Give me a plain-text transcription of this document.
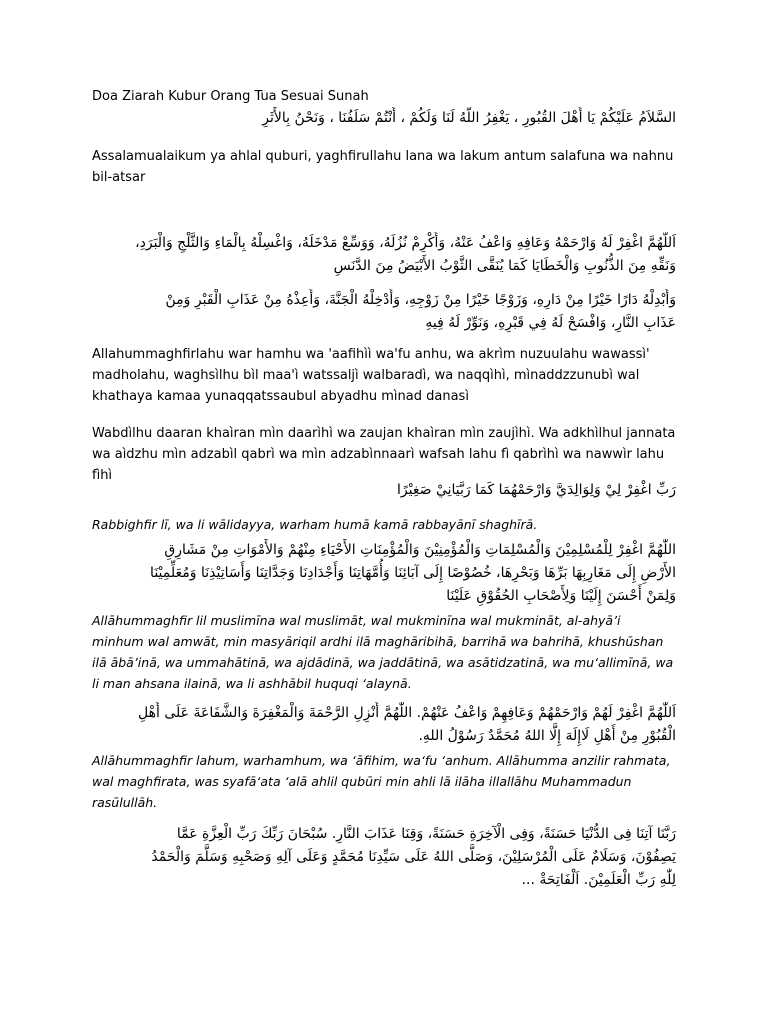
Doa Ziarah Kubur Orang Tua Sesuai Sunah
السَّلاَمُ عَلَيْكُمْ يَا أَهْلَ القُبُورِ ، يَغْفِرُ اللَّهُ لَنَا وَلَكُمْ ، أَنْتُمْ سَلَفُنَا ، وَنَحْنُ بِالأَثَرِ

Assalamualaikum ya ahlal quburi, yaghfirullahu lana wa lakum antum salafuna wa nahnu bil-atsar

اَللَّهُمَّ اغْفِرْ لَهُ وَارْحَمْهُ وَعَافِهِ وَاعْفُ عَنْهُ، وَأَكْرِمْ نُزُلَهُ، وَوَسِّعْ مَدْخَلَهُ، وَاغْسِلْهُ بِالْمَاءِ وَالثَّلْجِ وَالْبَرَدِ،
وَنَقِّهِ مِنَ الذُّنُوبِ وَالْخَطَايَا كَمَا يُنَقَّى الثَّوْبُ الأَبْيَضُ مِنَ الدَّنَسِ
وَأَبْدِلْهُ دَارًا خَيْرًا مِنْ دَارِهِ، وَزَوْجًا خَيْرًا مِنْ زَوْجِهِ، وَأَدْخِلْهُ الْجَنَّةَ، وَأَعِذْهُ مِنْ عَذَابِ الْقَبْرِ وَمِنْ
عَذَابِ النَّارِ، وَافْسَحْ لَهُ فِي قَبْرِهِ، وَنَوِّرْ لَهُ فِيهِ

Allahummaghfirlahu war hamhu wa 'aafihìì wa'fu anhu, wa akrìm nuzuulahu wawassì' madholahu, waghsìlhu bìl maa'ì watssaljì walbaradì, wa naqqìhì, mìnaddzzunubì wal khathaya kamaa yunaqqatssaubul abyadhu mìnad danasì

Wabdìlhu daaran khaìran mìn daarìhì wa zaujan khaìran mìn zaujìhì. Wa adkhìlhul jannata wa aìdzhu mìn adzabìl qabrì wa mìn adzabìnnaarì wafsah lahu fì qabrìhì wa nawwìr lahu fìhì

رَبِّ اغْفِرْ لِيْ وَلِوَالِدَيَّ وَارْحَمْهُمَا كَمَا رَبَّيَانِيْ صَغِيْرًا

Rabbighfir lī, wa li wālidayya, warham humā kamā rabbayānī shaghīrā.

اللّٰهُمَّ اغْفِرْ لِلْمُسْلِمِيْنَ وَالْمُسْلِمَاتِ وَالْمُؤْمِنِيْنَ وَالْمُؤْمِنَاتِ الأَحْيَاءِ مِنْهُمْ وَالأَمْوَاتِ مِنْ مَشَارِقِ
الأَرْضِ إِلَى مَغَارِبِهَا بَرِّهَا وَبَحْرِهَا، خُصُوْصًا إِلَى آبَائِنَا وَأُمَّهَاتِنَا وَأَجْدَادِنَا وَجَدَّاتِنَا وَأَسَاتِيْذِنَا وَمُعَلِّمِيْنَا
وَلِمَنْ أَحْسَنَ إِلَيْنَا وَلِأَصْحَابِ الحُقُوْقِ عَلَيْنَا

Allāhummaghfir lil muslimīna wal muslimāt, wal mukminīna wal mukmināt, al-ahyā’i minhum wal amwāt, min masyāriqil ardhi ilā maghāribihā, barrihā wa bahrihā, khushūshan ilā ābā’inā, wa ummahātinā, wa ajdādinā, wa jaddātinā, wa asātidzatinā, wa mu‘allimīnā, wa li man ahsana ilainā, wa li ashhābil huquqi ‘alaynā.

اَللّٰهُمَّ اغْفِرْ لَهُمْ وَارْحَمْهُمْ وَعَافِهِمْ وَاعْفُ عَنْهُمْ. اللّٰهُمَّ أَنْزِلِ الرَّحْمَةَ وَالْمَغْفِرَةَ وَالشَّفَاعَةَ عَلَى أَهْلِ
الْقُبُوْرِ مِنْ أَهْلِ لَاإِلَهَ إِلَّا اللهُ مُحَمَّدٌ رَسُوْلُ اللهِ.

Allāhummaghfir lahum, warhamhum, wa ‘āfihim, wa‘fu ‘anhum. Allāhumma anzilir rahmata, wal maghfirata, was syafā‘ata ‘alā ahlil qubūri min ahli lā ilāha illallāhu Muhammadun rasūlullāh.

رَبَّنَا آتِنَا فِى الدُّنْيَا حَسَنَةً، وَفِى الْآخِرَةِ حَسَنَةً، وَقِنَا عَذَابَ النَّارِ. سُبْحَانَ رَبِّكَ رَبِّ الْعِزَّةِ عَمَّا
يَصِفُوْنَ، وَسَلَامٌ عَلَى الْمُرْسَلِيْنَ، وَصَلَّى اللهُ عَلَى سَيِّدِنَا مُحَمَّدٍ وَعَلَى آلِهِ وَصَحْبِهِ وَسَلَّمَ وَالْحَمْدُ
لِلّٰهِ رَبِّ الْعَلَمِيْنَ. اَلْفَاتِحَةْ ...
